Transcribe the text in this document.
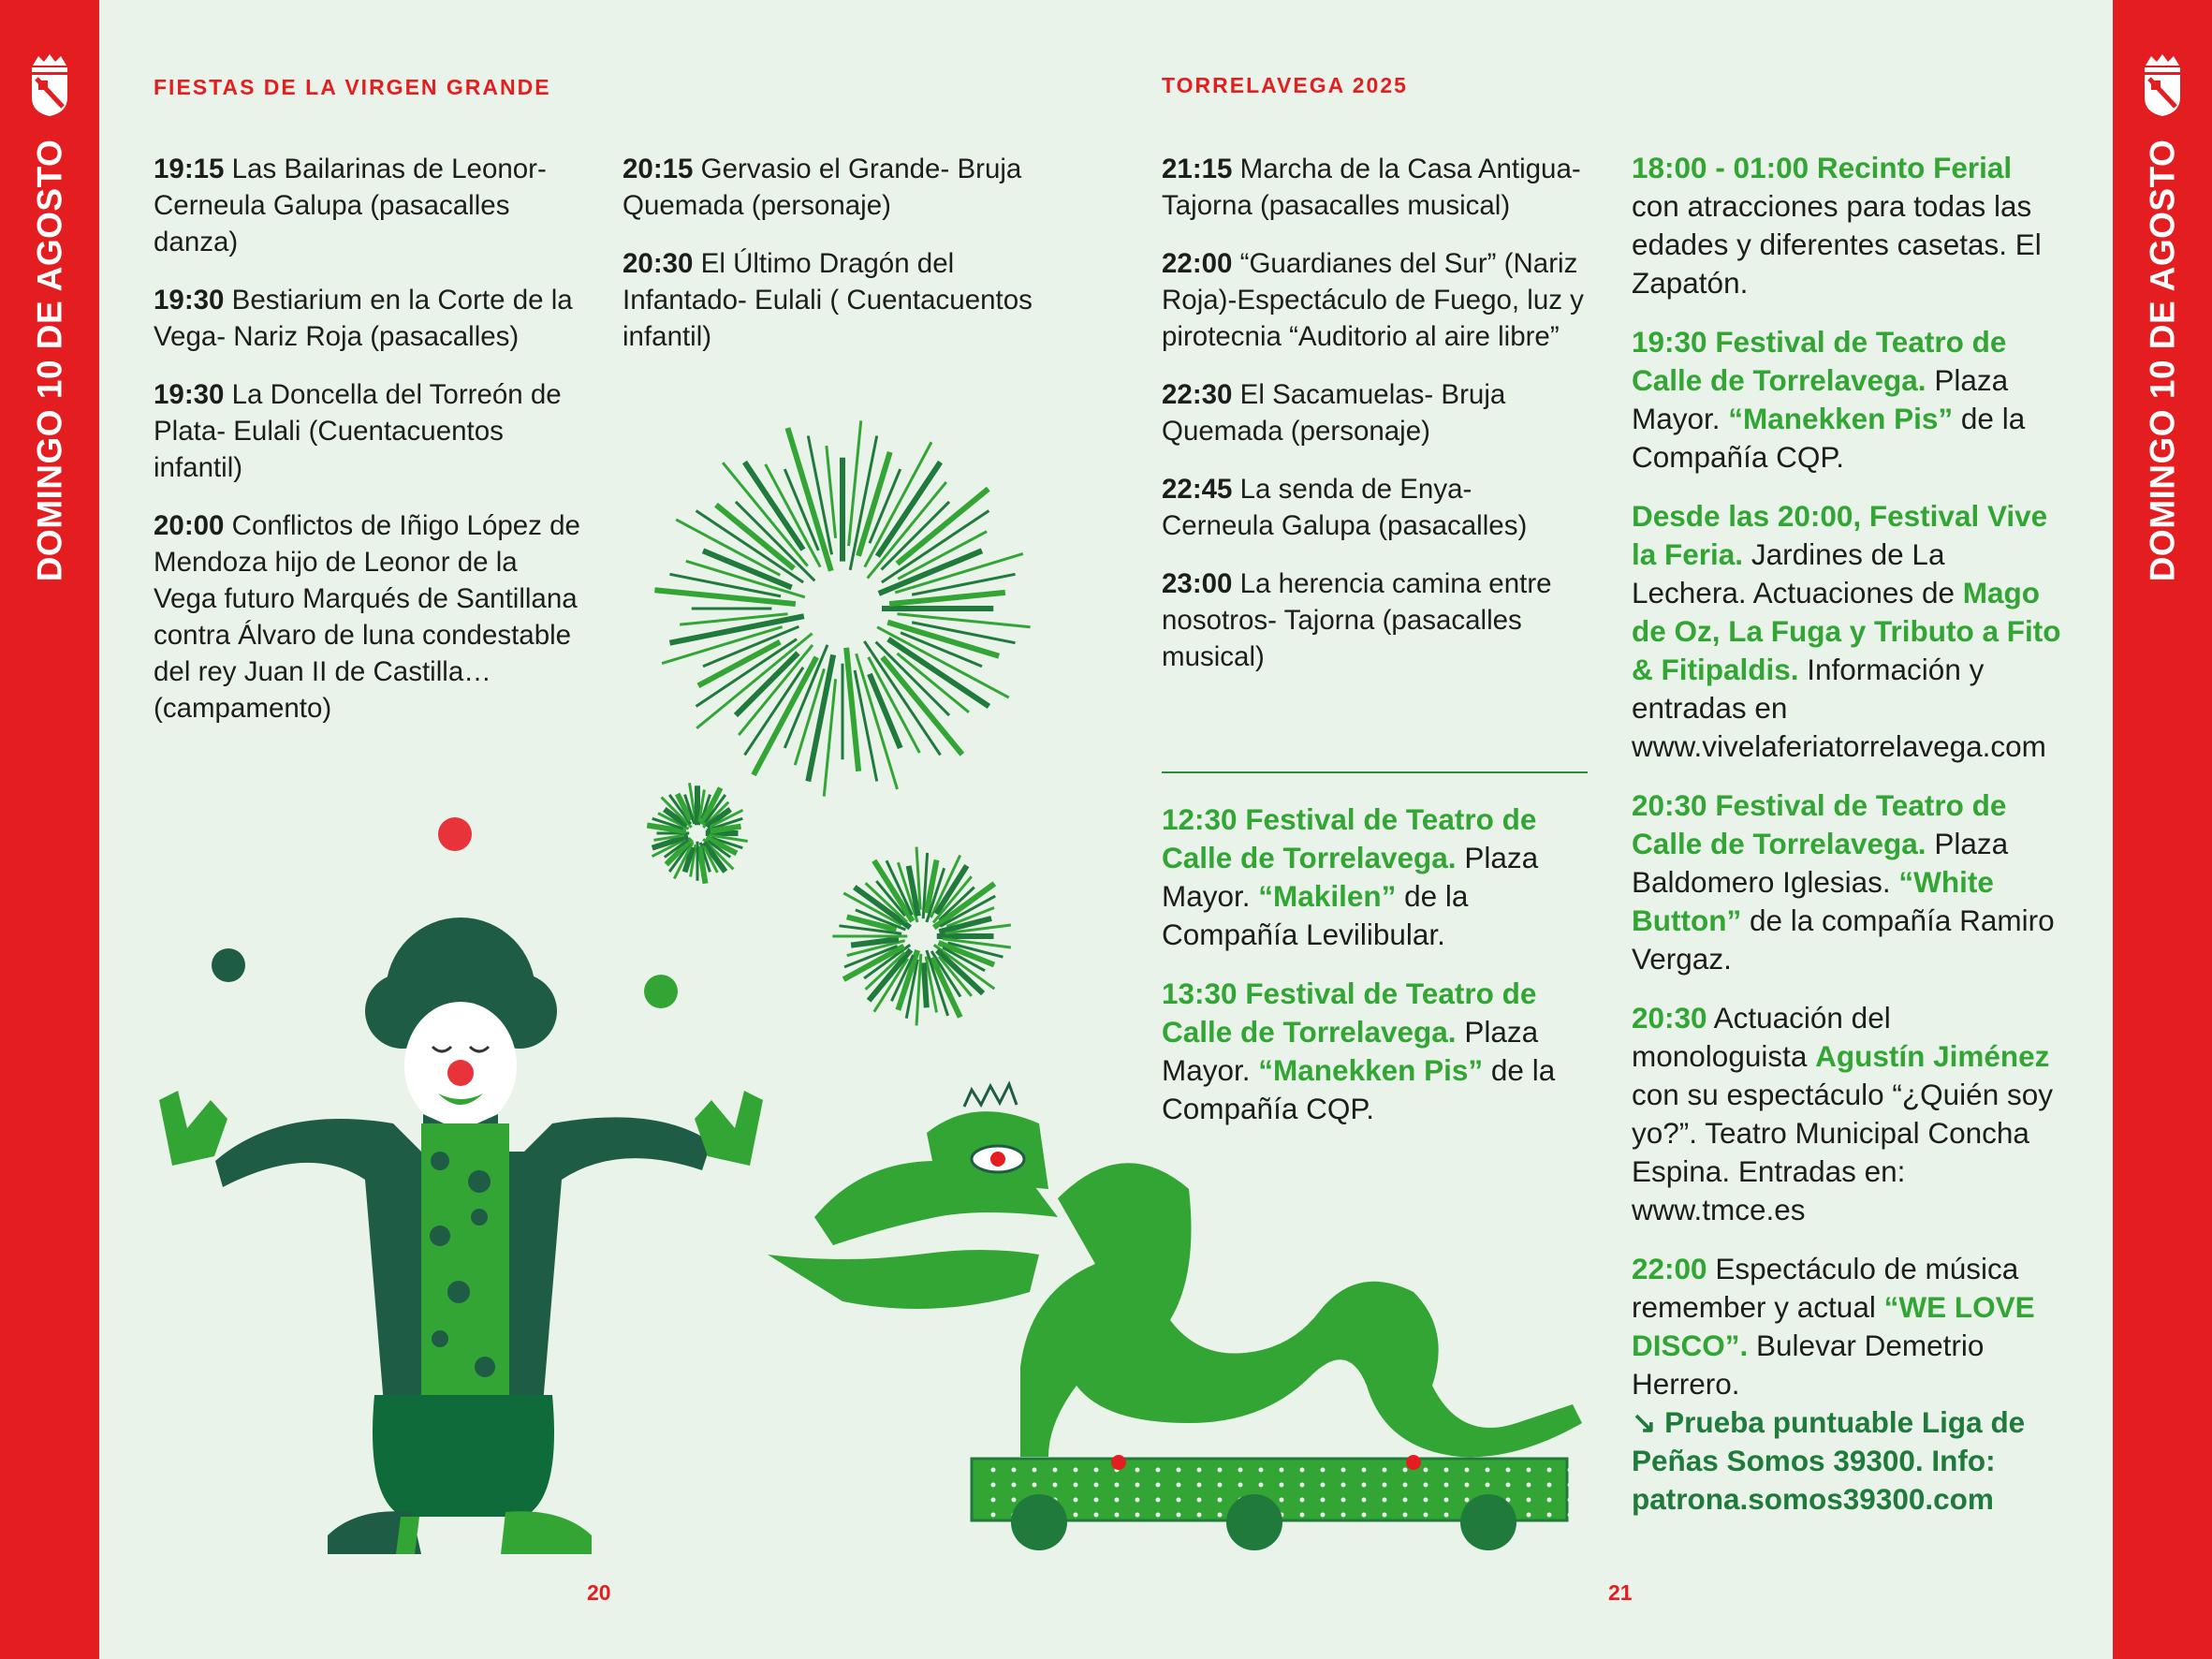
DOMINGO 10 DE AGOSTO	DOMINGO 10 DE AGOSTO
FIESTAS DE LA VIRGEN GRANDE	TORRELAVEGA 2025

19:15 Las Bailarinas de Leonor- Cerneula Galupa (pasacalles danza)

19:30 Bestiarium en la Corte de la Vega- Nariz Roja (pasacalles)

19:30 La Doncella del Torreón de Plata- Eulali (Cuentacuentos infantil)

20:00 Conflictos de Iñigo López de Mendoza hijo de Leonor de la Vega futuro Marqués de Santillana contra Álvaro de luna condestable del rey Juan II de Castilla… (campamento)

20:15 Gervasio el Grande- Bruja Quemada (personaje)

20:30 El Último Dragón del Infantado- Eulali ( Cuentacuentos infantil)

21:15 Marcha de la Casa Antigua- Tajorna (pasacalles musical)

22:00 “Guardianes del Sur” (Nariz Roja)-Espectáculo de Fuego, luz y pirotecnia “Auditorio al aire libre”

22:30 El Sacamuelas- Bruja Quemada (personaje)

22:45 La senda de Enya- Cerneula Galupa (pasacalles)

23:00 La herencia camina entre nosotros- Tajorna (pasacalles musical)

12:30 Festival de Teatro de Calle de Torrelavega. Plaza Mayor. “Makilen” de la Compañía Levilibular.

13:30 Festival de Teatro de Calle de Torrelavega. Plaza Mayor. “Manekken Pis” de la Compañía CQP.

18:00 - 01:00 Recinto Ferial con atracciones para todas las edades y diferentes casetas. El Zapatón.

19:30 Festival de Teatro de Calle de Torrelavega. Plaza Mayor. “Manekken Pis” de la Compañía CQP.

Desde las 20:00, Festival Vive la Feria. Jardines de La Lechera. Actuaciones de Mago de Oz, La Fuga y Tributo a Fito & Fitipaldis. Información y entradas en www.vivelaferiatorrelavega.com

20:30 Festival de Teatro de Calle de Torrelavega. Plaza Baldomero Iglesias. “White Button” de la compañía Ramiro Vergaz.

20:30 Actuación del monologuista Agustín Jiménez con su espectáculo “¿Quién soy yo?”. Teatro Municipal Concha Espina. Entradas en: www.tmce.es

22:00 Espectáculo de música remember y actual “WE LOVE DISCO”. Bulevar Demetrio Herrero.

↘ Prueba puntuable Liga de Peñas Somos 39300. Info: patrona.somos39300.com

20	21
